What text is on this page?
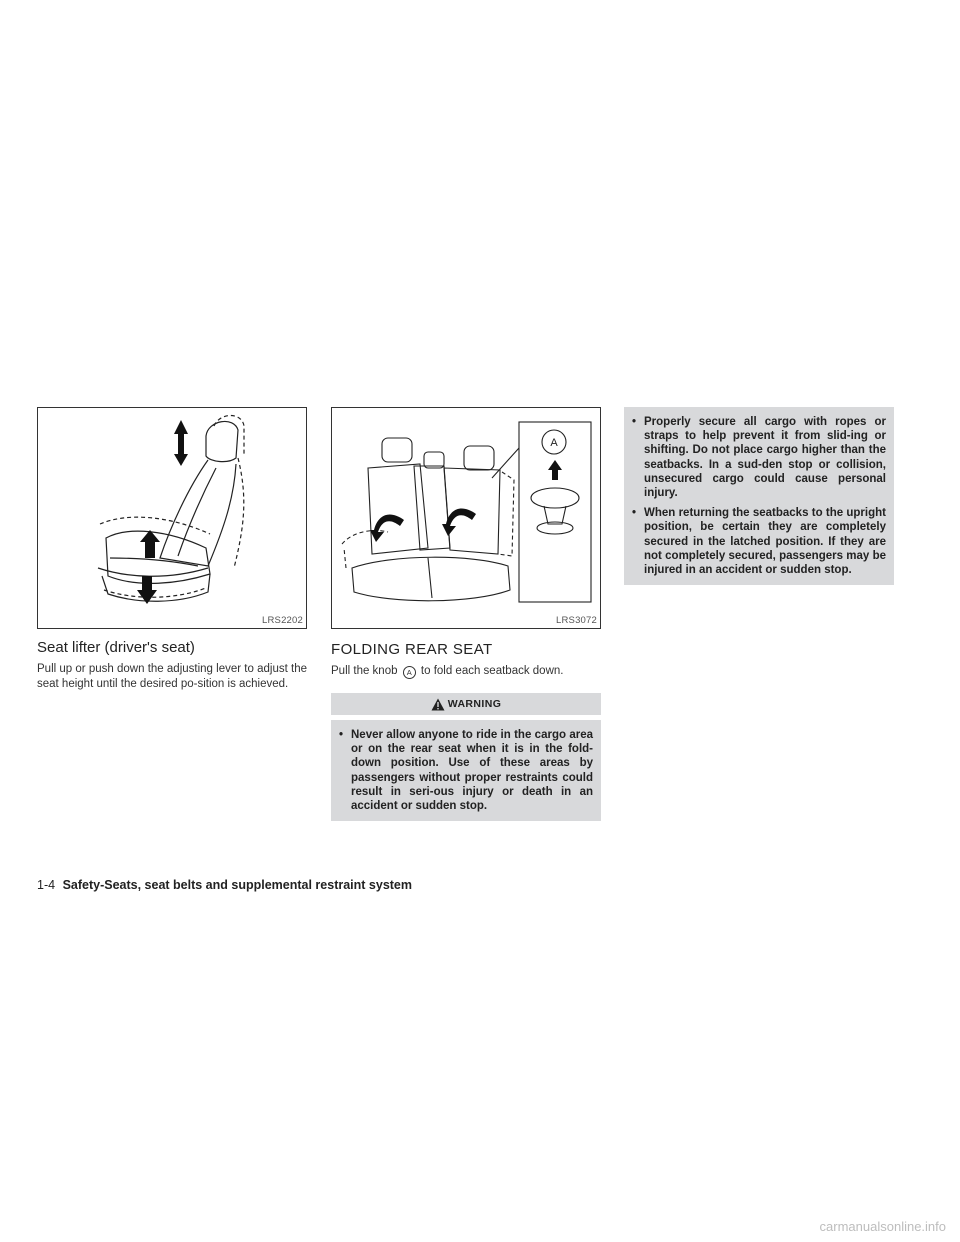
LRS2202
Seat lifter (driver's seat)

Pull up or push down the adjusting lever to adjust the seat height until the desired po-sition is achieved.

A
LRS3072
FOLDING REAR SEAT

Pull the knob A to fold each seatback down.

WARNING
• Never allow anyone to ride in the cargo area or on the rear seat when it is in the fold-down position. Use of these areas by passengers without proper restraints could result in seri-ous injury or death in an accident or sudden stop.
• Properly secure all cargo with ropes or straps to help prevent it from slid-ing or shifting. Do not place cargo higher than the seatbacks. In a sud-den stop or collision, unsecured cargo could cause personal injury.
• When returning the seatbacks to the upright position, be certain they are completely secured in the latched position. If they are not completely secured, passengers may be injured in an accident or sudden stop.
1-4 Safety-Seats, seat belts and supplemental restraint system
carmanualsonline.info
